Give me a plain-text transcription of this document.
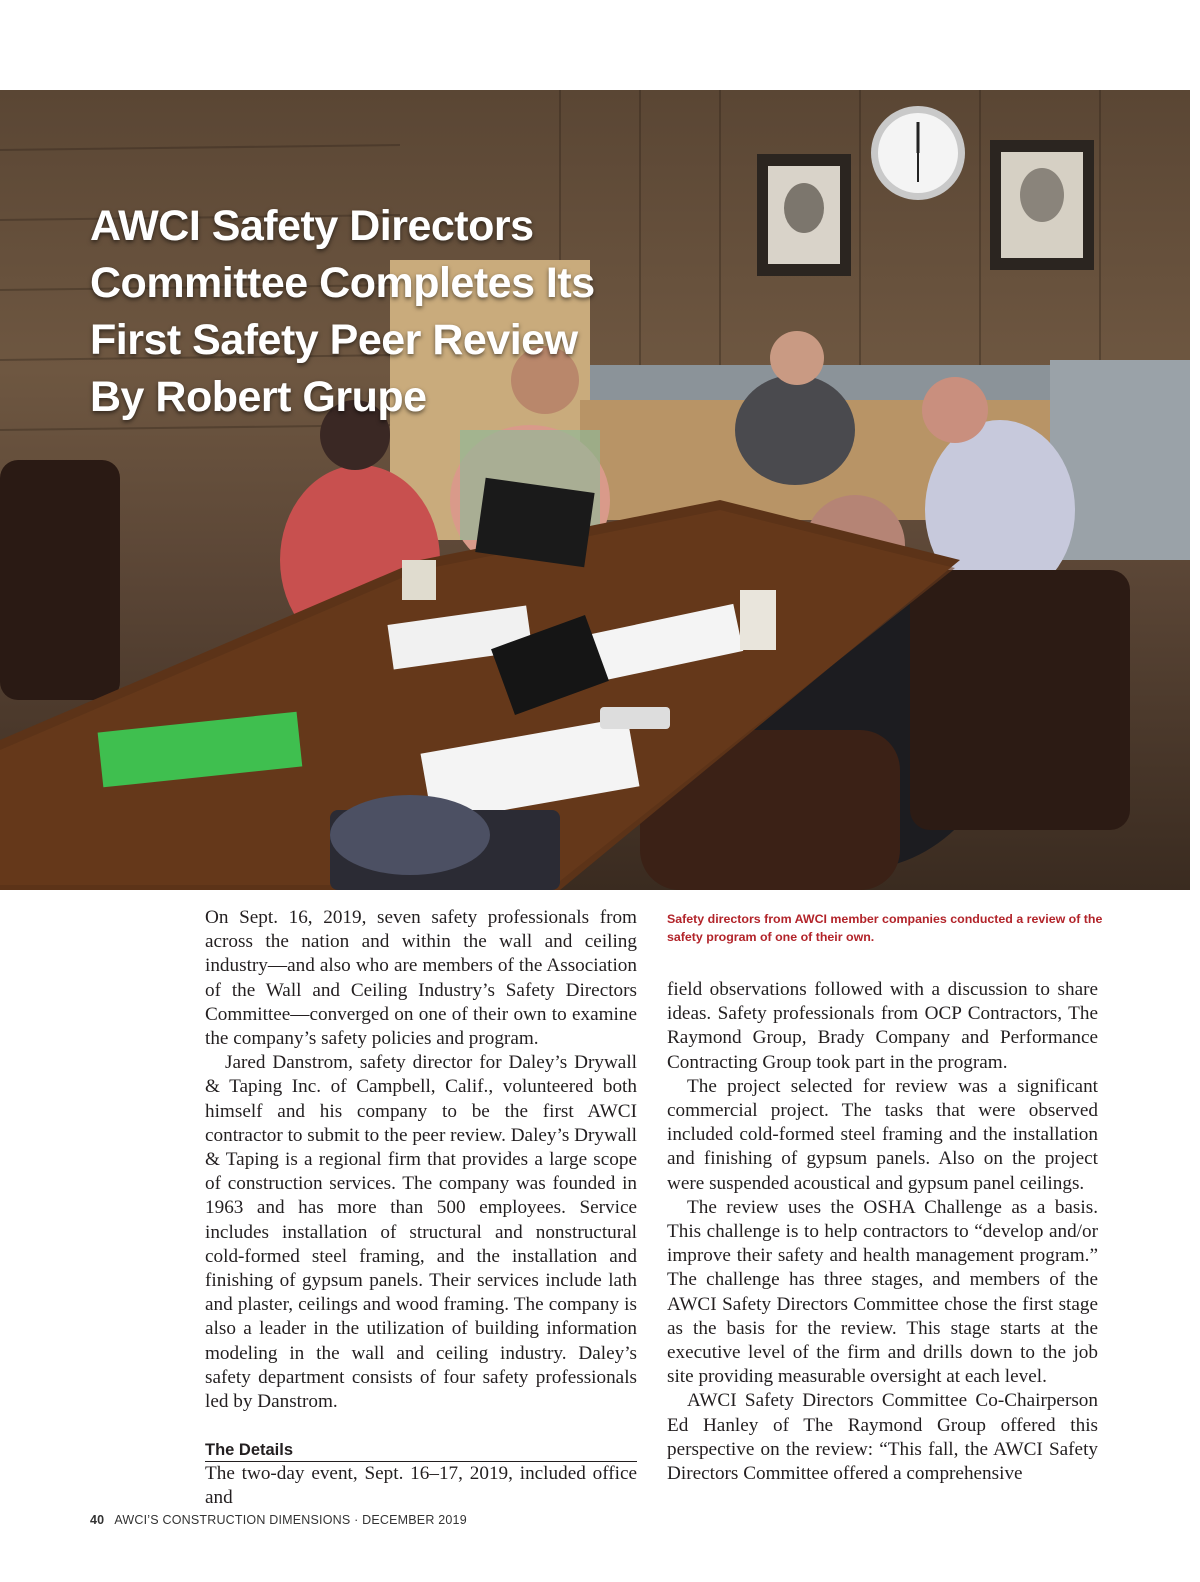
AWCI Safety Directors
Committee Completes Its
First Safety Peer Review
By Robert Grupe

Safety directors from AWCI member companies conducted a review of the safety program of one of their own.

On Sept. 16, 2019, seven safety professionals from across the nation and within the wall and ceiling industry—and also who are members of the Association of the Wall and Ceiling Industry’s Safety Directors Committee—converged on one of their own to examine the company’s safety policies and program.

Jared Danstrom, safety director for Daley’s Drywall & Taping Inc. of Campbell, Calif., volunteered both himself and his company to be the first AWCI contractor to submit to the peer review. Daley’s Drywall & Taping is a regional firm that provides a large scope of construction services. The company was founded in 1963 and has more than 500 employees. Service includes installation of structural and nonstructural cold-formed steel framing, and the installation and finishing of gypsum panels. Their services include lath and plaster, ceilings and wood framing. The company is also a leader in the utilization of building information modeling in the wall and ceiling industry. Daley’s safety department consists of four safety professionals led by Danstrom.

The Details

The two-day event, Sept. 16–17, 2019, included office and

field observations followed with a discussion to share ideas. Safety professionals from OCP Contractors, The Raymond Group, Brady Company and Performance Contracting Group took part in the program.

The project selected for review was a significant commercial project. The tasks that were observed included cold-formed steel framing and the installation and finishing of gypsum panels. Also on the project were suspended acoustical and gypsum panel ceilings.

The review uses the OSHA Challenge as a basis. This challenge is to help contractors to “develop and/or improve their safety and health management program.” The challenge has three stages, and members of the AWCI Safety Directors Committee chose the first stage as the basis for the review. This stage starts at the executive level of the firm and drills down to the job site providing measurable oversight at each level.

AWCI Safety Directors Committee Co-Chairperson Ed Hanley of The Raymond Group offered this perspective on the review: “This fall, the AWCI Safety Directors Committee offered a comprehensive

40 AWCI’S CONSTRUCTION DIMENSIONS · DECEMBER 2019
